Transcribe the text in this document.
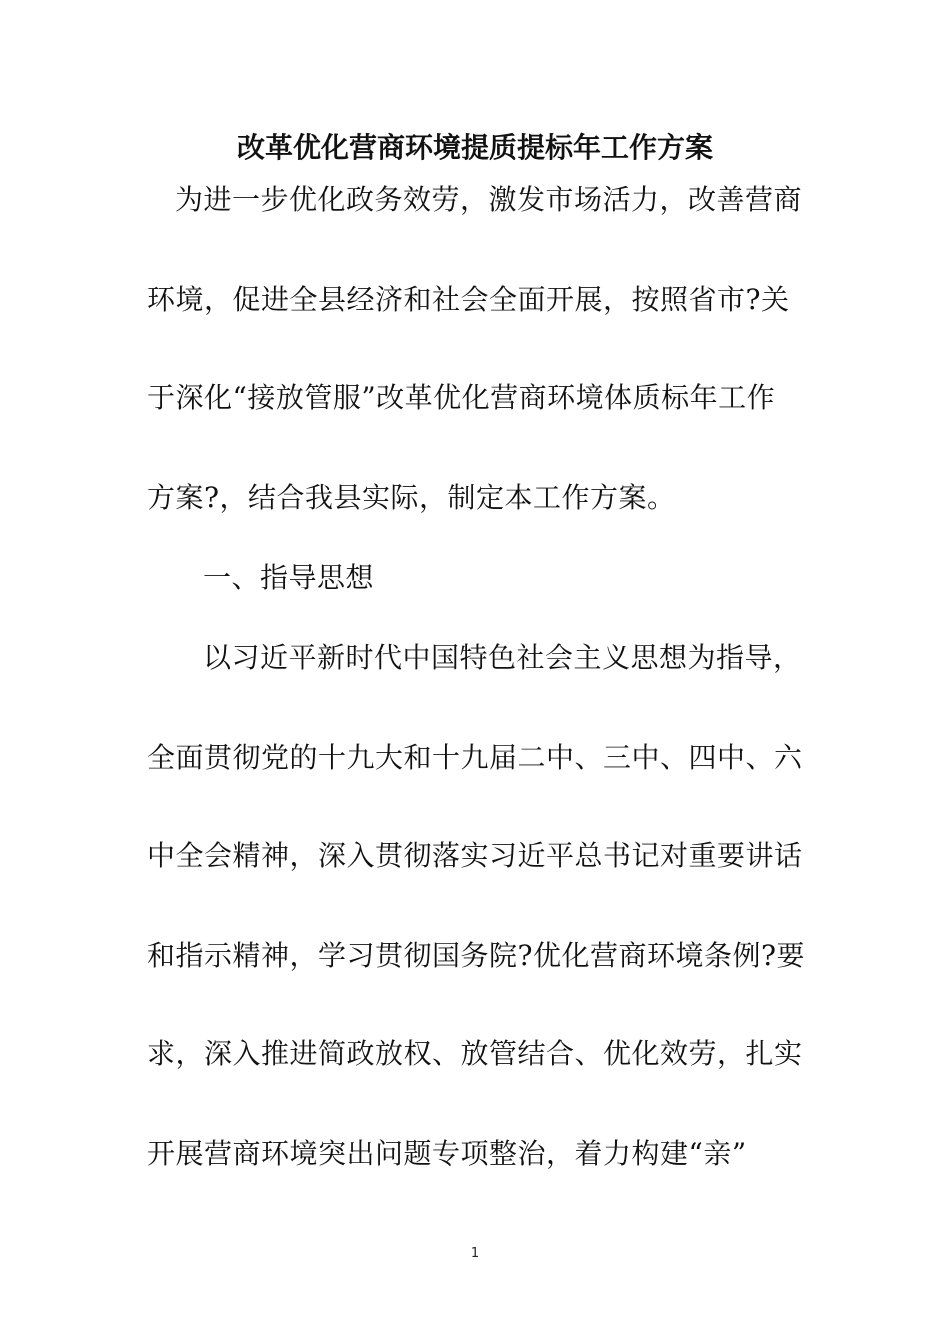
改革优化营商环境提质提标年工作方案
为进一步优化政务效劳，激发市场活力，改善营商
环境，促进全县经济和社会全面开展，按照省市?关
于深化“接放管服”改革优化营商环境体质标年工作
方案?，结合我县实际，制定本工作方案。
一、指导思想
以习近平新时代中国特色社会主义思想为指导，
全面贯彻党的十九大和十九届二中、三中、四中、六
中全会精神，深入贯彻落实习近平总书记对重要讲话
和指示精神，学习贯彻国务院?优化营商环境条例?要
求，深入推进简政放权、放管结合、优化效劳，扎实
开展营商环境突出问题专项整治，着力构建“亲”
1
